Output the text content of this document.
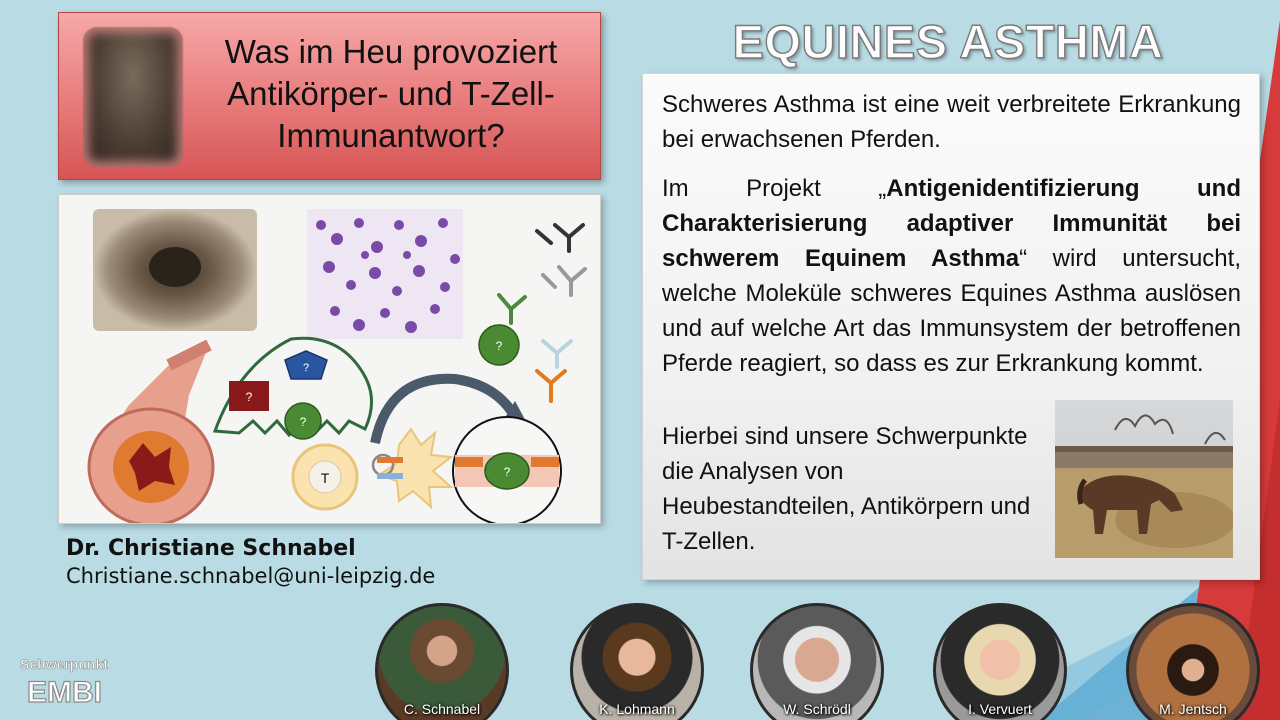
Was im Heu provoziert
Antikörper- und T-Zell-
Immunantwort?
?
?
?
?
T	?
Dr. Christiane Schnabel
Christiane.schnabel@uni-leipzig.de
EQUINES ASTHMA
Schweres Asthma ist eine weit verbreitete Erkrankung bei erwachsenen Pferden.
Im Projekt „Antigenidentifizierung und Charakterisierung adaptiver Immunität bei schwerem Equinem Asthma“ wird untersucht, welche Moleküle schweres Equines Asthma auslösen und auf welche Art das Immunsystem der betroffenen Pferde reagiert, so dass es zur Erkrankung kommt.
Hierbei sind unsere Schwerpunkte die Analysen von Heubestandteilen, Antikörpern und T-Zellen.
C. Schnabel	K. Lohmann	W. Schrödl	I. Vervuert	M. Jentsch
Schwerpunkt
EMBI
